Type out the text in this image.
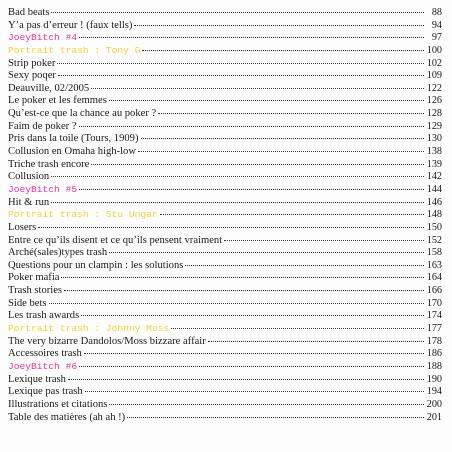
Bad beats	88
Y’a pas d’erreur ! (faux tells)	94
JoeyBitch #4	97
Portrait trash : Tony G	100
Strip poker	102
Sexy poqer	109
Deauville, 02/2005	122
Le poker et les femmes	126
Qu’est-ce que la chance au poker ?	128
Faim de poker ?	129
Pris dans la toile (Tours, 1909)	130
Collusion en Omaha high-low	138
Triche trash encore	139
Collusion	142
JoeyBitch #5	144
Hit & run	146
Portrait trash : Stu Ungar	148
Losers	150
Entre ce qu’ils disent et ce qu’ils pensent vraiment	152
Arché(sales)types trash	158
Questions pour un clampin : les solutions	163
Poker mafia	164
Trash stories	166
Side bets	170
Les trash awards	174
Portrait trash : Johnny Moss	177
The very bizarre Dandolos/Moss bizzare affair	178
Accessoires trash	186
JoeyBitch #6	188
Lexique trash	190
Lexique pas trash	194
Illustrations et citations	200
Table des matières (ah ah !)	201
